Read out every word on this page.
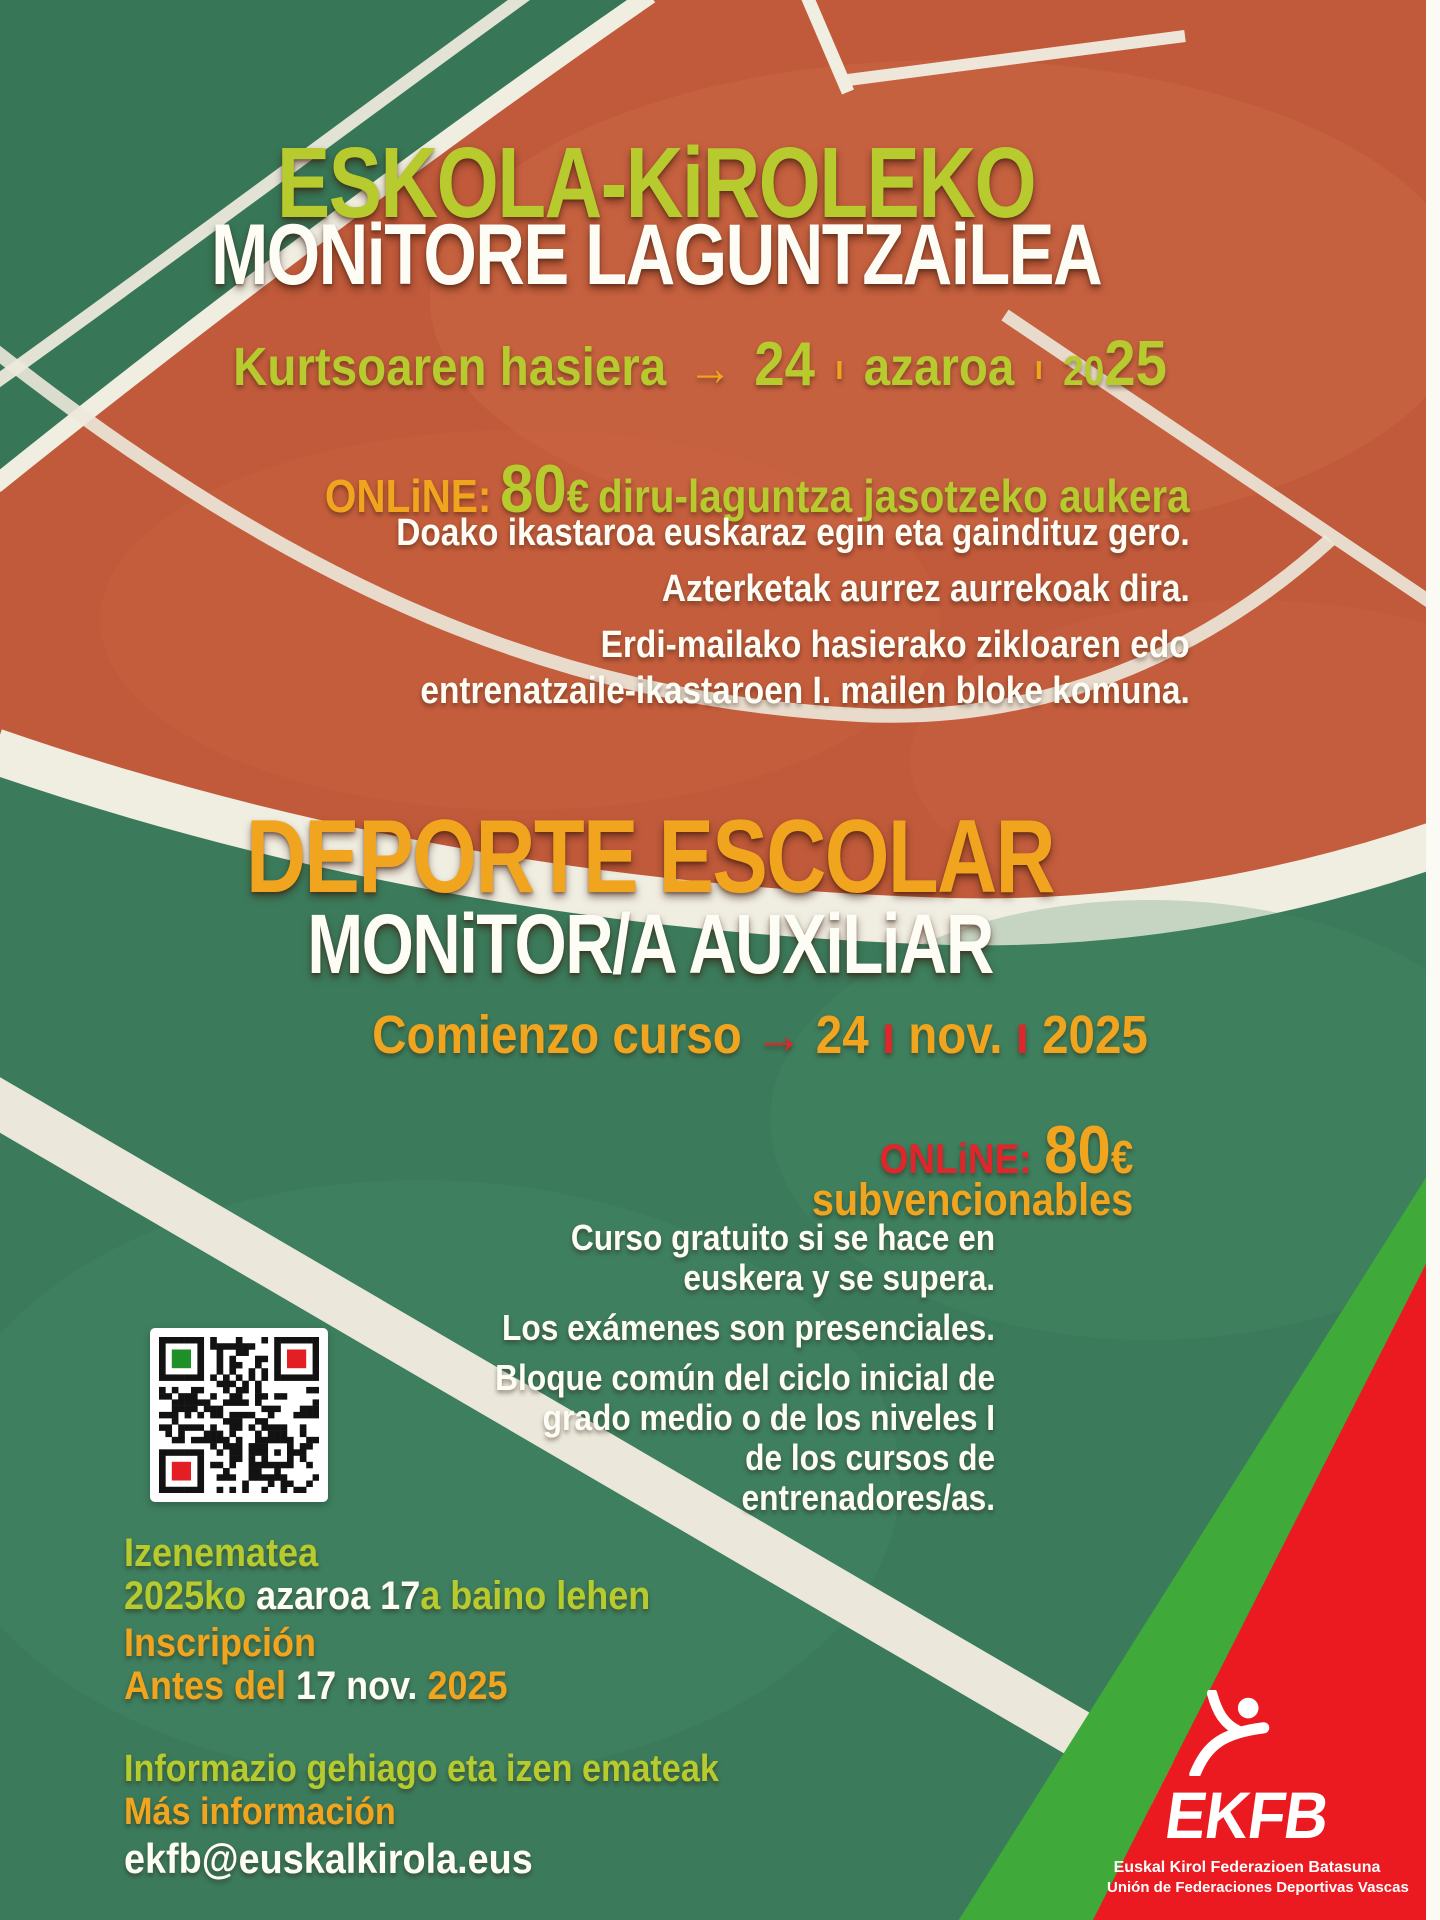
ESKOLA-KiROLEKO
MONiTORE LAGUNTZAiLEA
Kurtsoaren hasiera → 24 ı azaroa ı 2025
ONLiNE: 80€ diru-laguntza jasotzeko aukera
Doako ikastaroa euskaraz egin eta gaindituz gero.
Azterketak aurrez aurrekoak dira.
Erdi-mailako hasierako zikloaren edo
entrenatzaile-ikastaroen I. mailen bloke komuna.
DEPORTE ESCOLAR
MONiTOR/A AUXiLiAR
Comienzo curso → 24 ı nov. ı 2025
ONLiNE: 80€
subvencionables
Curso gratuito si se hace en
euskera y se supera.
Los exámenes son presenciales.
Bloque común del ciclo inicial de
grado medio o de los niveles I
de los cursos de
entrenadores/as.
Izenematea
2025ko azaroa 17a baino lehen
Inscripción
Antes del 17 nov. 2025
Informazio gehiago eta izen emateak
Más información
ekfb@euskalkirola.eus
EKFB
Euskal Kirol Federazioen Batasuna
Unión de Federaciones Deportivas Vascas
